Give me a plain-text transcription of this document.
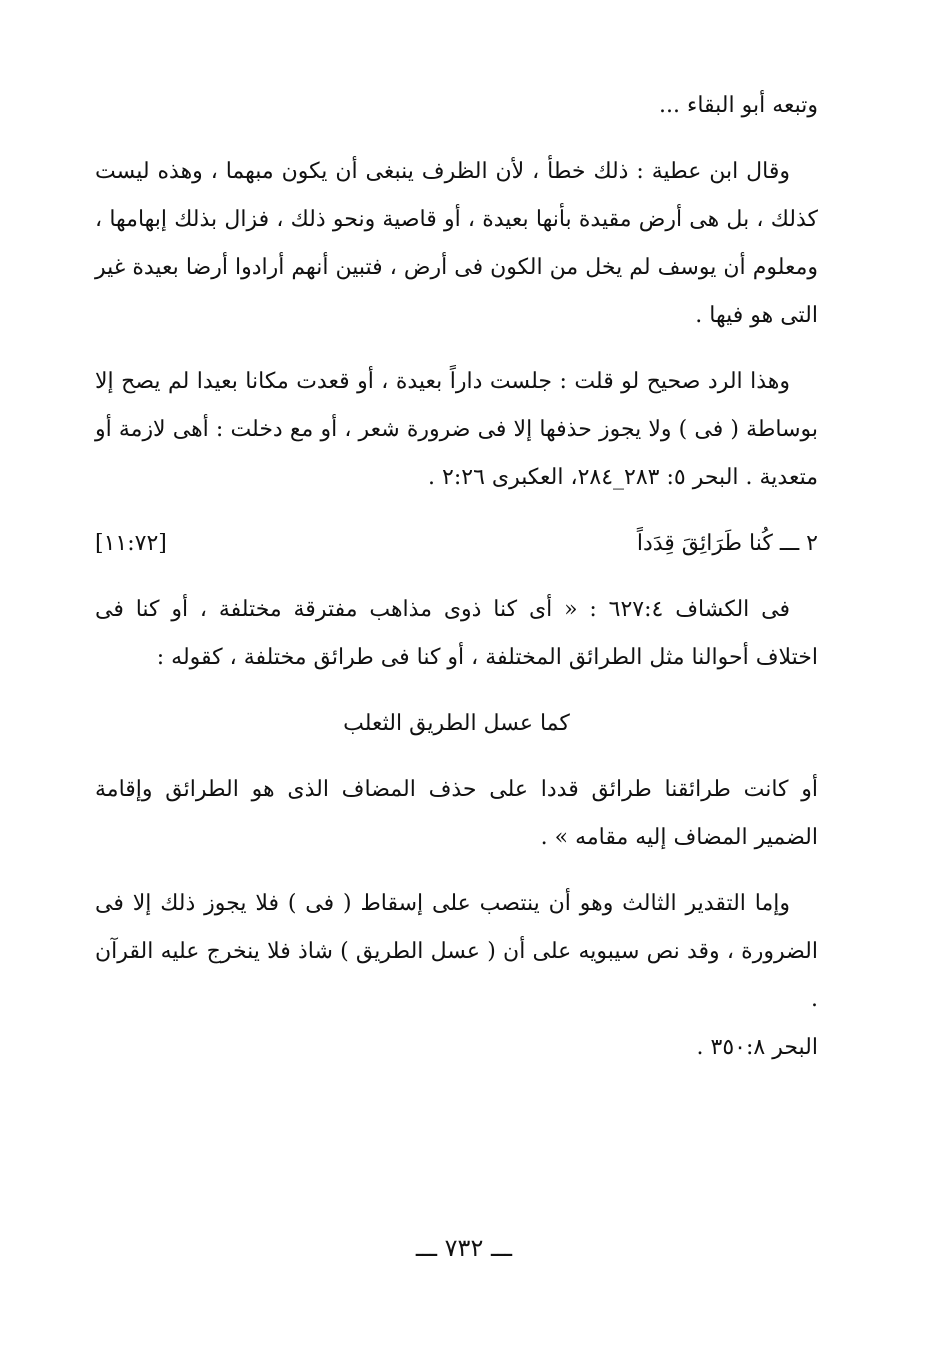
وتبعه أبو البقاء ...

وقال ابن عطية : ذلك خطأ ، لأن الظرف ينبغى أن يكون مبهما ، وهذه ليست كذلك ، بل هى أرض مقيدة بأنها بعيدة ، أو قاصية ونحو ذلك ، فزال بذلك إبهامها ، ومعلوم أن يوسف لم يخل من الكون فى أرض ، فتبين أنهم أرادوا أرضا بعيدة غير التى هو فيها .

وهذا الرد صحيح لو قلت : جلست داراً بعيدة ، أو قعدت مكانا بعيدا لم يصح إلا بوساطة ( فى ) ولا يجوز حذفها إلا فى ضرورة شعر ، أو مع دخلت : أهى لازمة أو متعدية . البحر ٥: ٢٨٣_٢٨٤، العكبرى ٢:٢٦ .

٢ ـــ كُنا طَرَائِقَ قِدَداً
[١١:٧٢]

فى الكشاف ٦٢٧:٤ : « أى كنا ذوى مذاهب مفترقة مختلفة ، أو كنا فى اختلاف أحوالنا مثل الطرائق المختلفة ، أو كنا فى طرائق مختلفة ، كقوله :

كما عسل الطريق الثعلب

أو كانت طرائقنا طرائق قددا على حذف المضاف الذى هو الطرائق وإقامة الضمير المضاف إليه مقامه » .

وإما التقدير الثالث وهو أن ينتصب على إسقاط ( فى ) فلا يجوز ذلك إلا فى الضرورة ، وقد نص سيبويه على أن ( عسل الطريق ) شاذ فلا ينخرج عليه القرآن .

البحر ٣٥٠:٨ .
ـــ ٧٣٢ ـــ
